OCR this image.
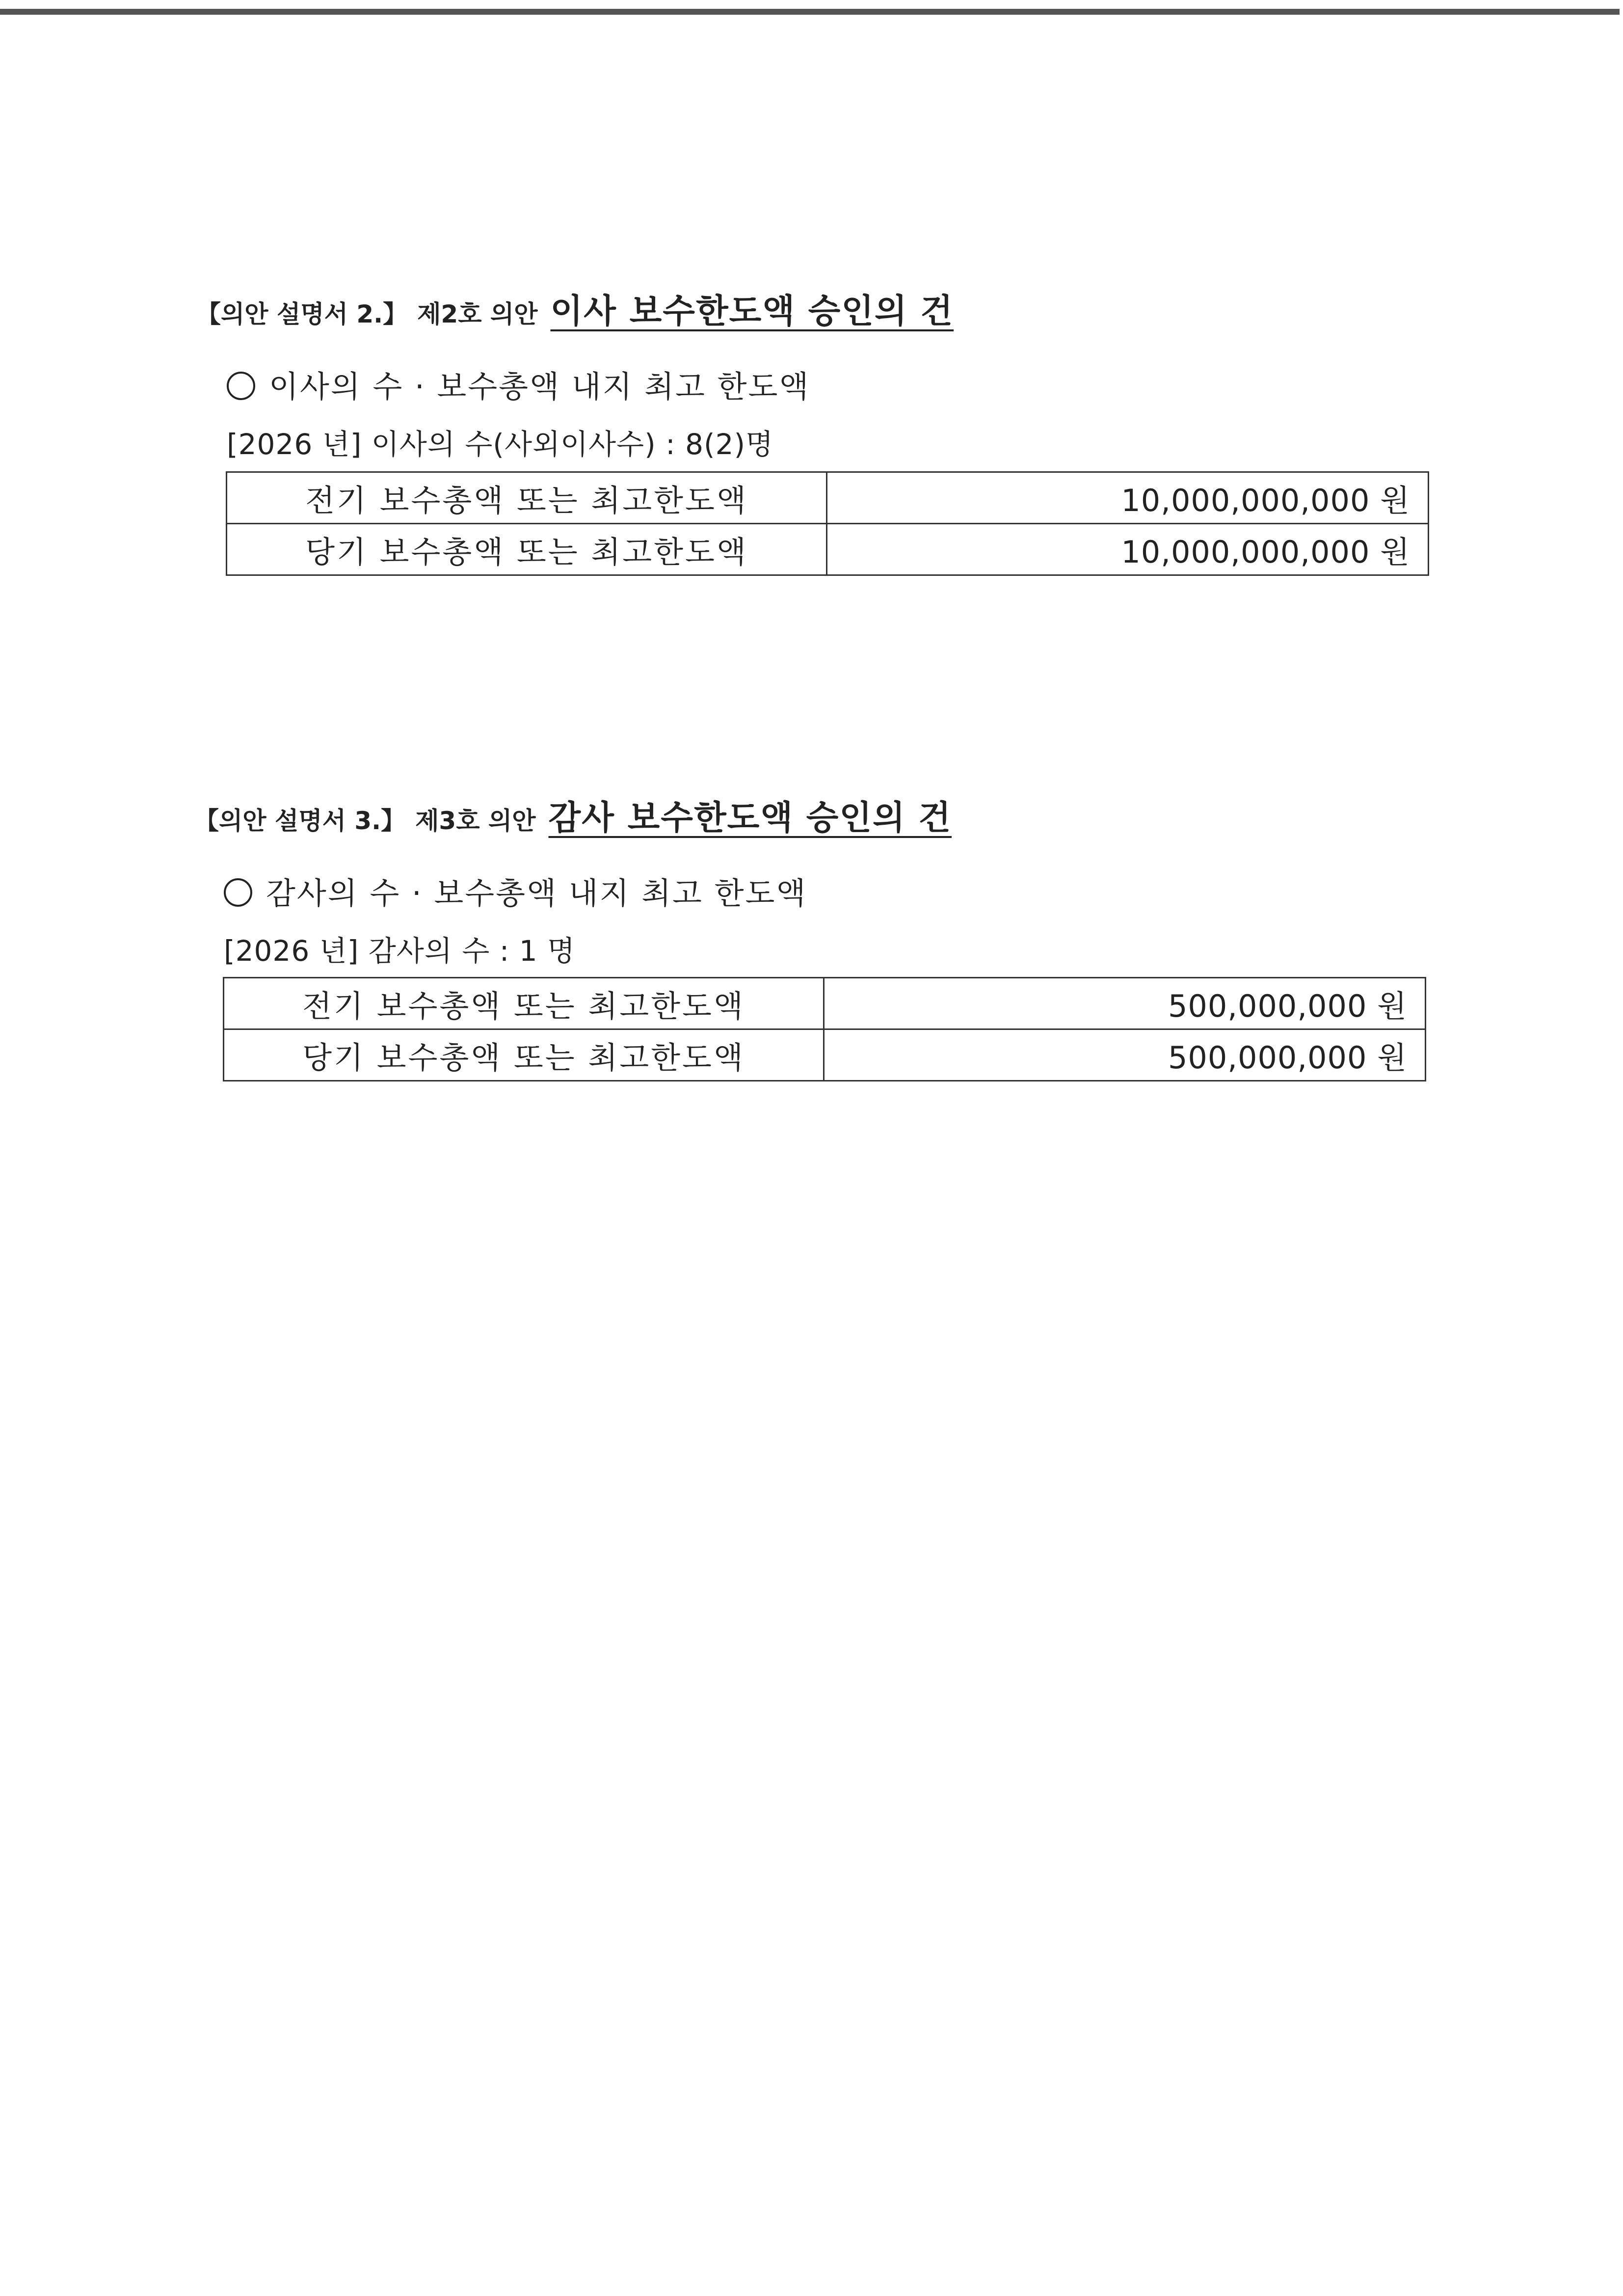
【의안 설명서 2.】 제2호 의안 이사 보수한도액 승인의 건
이사의 수 · 보수총액 내지 최고 한도액
[2026 년] 이사의 수(사외이사수) : 8(2)명
전기 보수총액 또는 최고한도액	10,000,000,000 원
당기 보수총액 또는 최고한도액	10,000,000,000 원
【의안 설명서 3.】 제3호 의안 감사 보수한도액 승인의 건
감사의 수 · 보수총액 내지 최고 한도액
[2026 년] 감사의 수 : 1 명
전기 보수총액 또는 최고한도액	500,000,000 원
당기 보수총액 또는 최고한도액	500,000,000 원
